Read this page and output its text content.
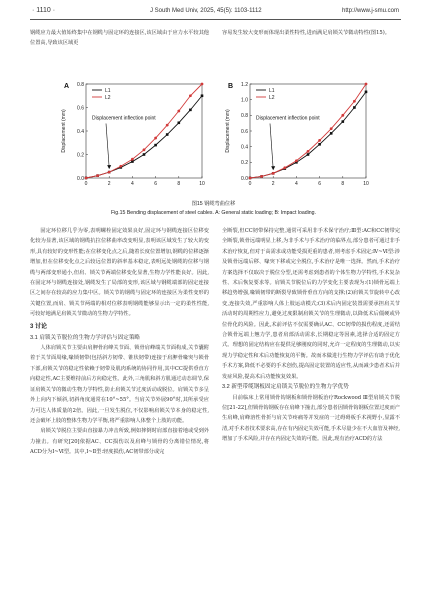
· 1110 ·	J South Med Univ, 2025, 45(5): 1103-1112	http://www.j-smu.com

钢缆应力最大值始终集中在钢缆与固定环的连接区,该区域由于应力水平较其他位置高,导致该区域更

容易发生较大变形而体现出柔性特性,进而满足肩锁关节微动特性(图15)。

0.0
0.2
0.4
0.6
0.8
0	2	4	6	8	10
Displacement (mm)
A
L1
L2
Displacement inflection point
0.0
0.2
0.4
0.6
0.8
1.0
1.2
0	2	4	6	8	10
Displacement (mm)
B
L1
L2
Displacement inflection point
图15 钢缆弯曲位移
Fig.15 Bending displacement of steel cables. A: General static loading; B: Impact loading.

固定环位移几乎为零,表明螺栓固定效果良好,固定环与钢缆连接区位移变化较为显著,该区域的钢缆抗拉位移曲率改变明显,表明该区域发生了较大的变形,具有较好的变形性能;在位移变化点之后,随着长度位置增加,钢缆的位移逐渐增加,但在位移变化点之后较远位置的斜率基本稳定,表明远处钢缆的位移与钢缆与两部变形通小,但肩、锁关节两端位移变化显著,生物力学性能良好。因此,在固定环与钢缆连接处,钢缆发生了局部的变形,该区域与钢缆端部的固定连接区之间存在较高的应力集中区。锁关节的钢缆与固定环的连接区为柔性变形的关键位置,而肩、锁关节两端的相对位移表明钢缆能够显示出一定的柔性性能,可较好地满足肩锁关节微动的生物力学特性。

3 讨论
3.1 肩锁关节脱位的生物力学评估与固定策略

人体肩锁关节主要由肩胛骨肩峰关节面、锁骨肩峰端关节面构成,关节囊附着于关节面周缘,喙锁韧带(包括斜方韧带、锥状韧带)连接于肩胛骨喙突与锁骨下部,肩锁关节的稳定性依赖于韧带及肌肉系统的协同作用,其中CC提供垂直方向稳定性,AC主要维持前后方向稳定性。此外,三角肌和斜方肌通过动态调节,保证肩锁关节的微动生物力学特性,防止肩锁关节过度活动或脱位。肩锁关节多呈外上向内下倾斜,切斜角度通常在10°~55°。当肩关节外展90°时,其所承受应力可达人体质量的2倍。因此,一旦发生脱位,不仅影响肩锁关节本身的稳定性,还会破坏上肢的整体生物力学平衡,将严重影响人体整个上肢的功能。

肩锁关节脱位主要由直接暴力冲击所致,例如摔倒时肩部直接着地或受到外力撞击。有研究[20]依据AC、CC损伤以及肩峰与锁骨的分离错位情况,将ACD分为Ⅰ~Ⅵ型。其中,Ⅰ~Ⅱ型:轻度损伤,AC韧带部分或完

全断裂,但CC韧带保持完整,通常可采用非手术保守治疗;Ⅲ型:AC和CC韧带完全断裂,锁骨远端明显上移,为非手术与手术治疗的临界点,部分患者可通过非手术治疗恢复,但对于高需求或功能受损更重的患者,则考虑手术固定;Ⅳ~Ⅵ型:涉及锁骨远端后移、喙突下移或完全脱位,手术治疗是唯一选择。然而,手术治疗方案选择不仅取决于脱位分型,还需考虑到患者的个体生物力学特性,手术复杂性、术后恢复要求等。肩锁关节脱位后的力学变化主要表现为:(1)锁骨远端上移趋势增强,喙锁韧带的断裂导致锁骨垂直方向的支撑;(2)肩锁关节旋转中心改变,连接失效,严重影响人体上肢运动模式;(3)术后内固定装置需要承担肩关节活动时的周期性应力,避免过度限制肩锁关节的生理微动,以降低术后僵硬或异位骨化的风险。因此,术前评估不仅需要确认AC、CC韧带的损伤程度,还需结合锁骨远端上翘力学,患者肩部活动需求,长期稳定等因素,选择合适的固定方式。理想的固定结构应在提供足够刚度的同时,允许一定程度的生理微动,以实现力学稳定性和术后功能恢复的平衡。故而本做进行生物力学评估有助于优化手术方案,降低不必要的手术创伤,提高固定装置的适应性,从而减少患者术后并发症风险,提高术后功能恢复效果。

3.2 新型带缆钢板固定肩锁关节脱位的生物力学优势

目前临床上常用锁骨钩钢板和锁骨钢板治疗Rockwood Ⅲ型肩锁关节脱位[21-22],但锁骨钩钢板存在肩峰下撞击,部分患者因锁骨钩钢板位置过度而产生肩峰,肩峰溶性骨折与肩关节疼痛等并发症的一过碍碍板手术视野小,显露不清,对手术者技术要求高,存在有内固定失效可能,手术尽量少在不大血管及神经,增加了手术风险,并存在内固定失效的可能。因此,现有治疗ACD的方法
